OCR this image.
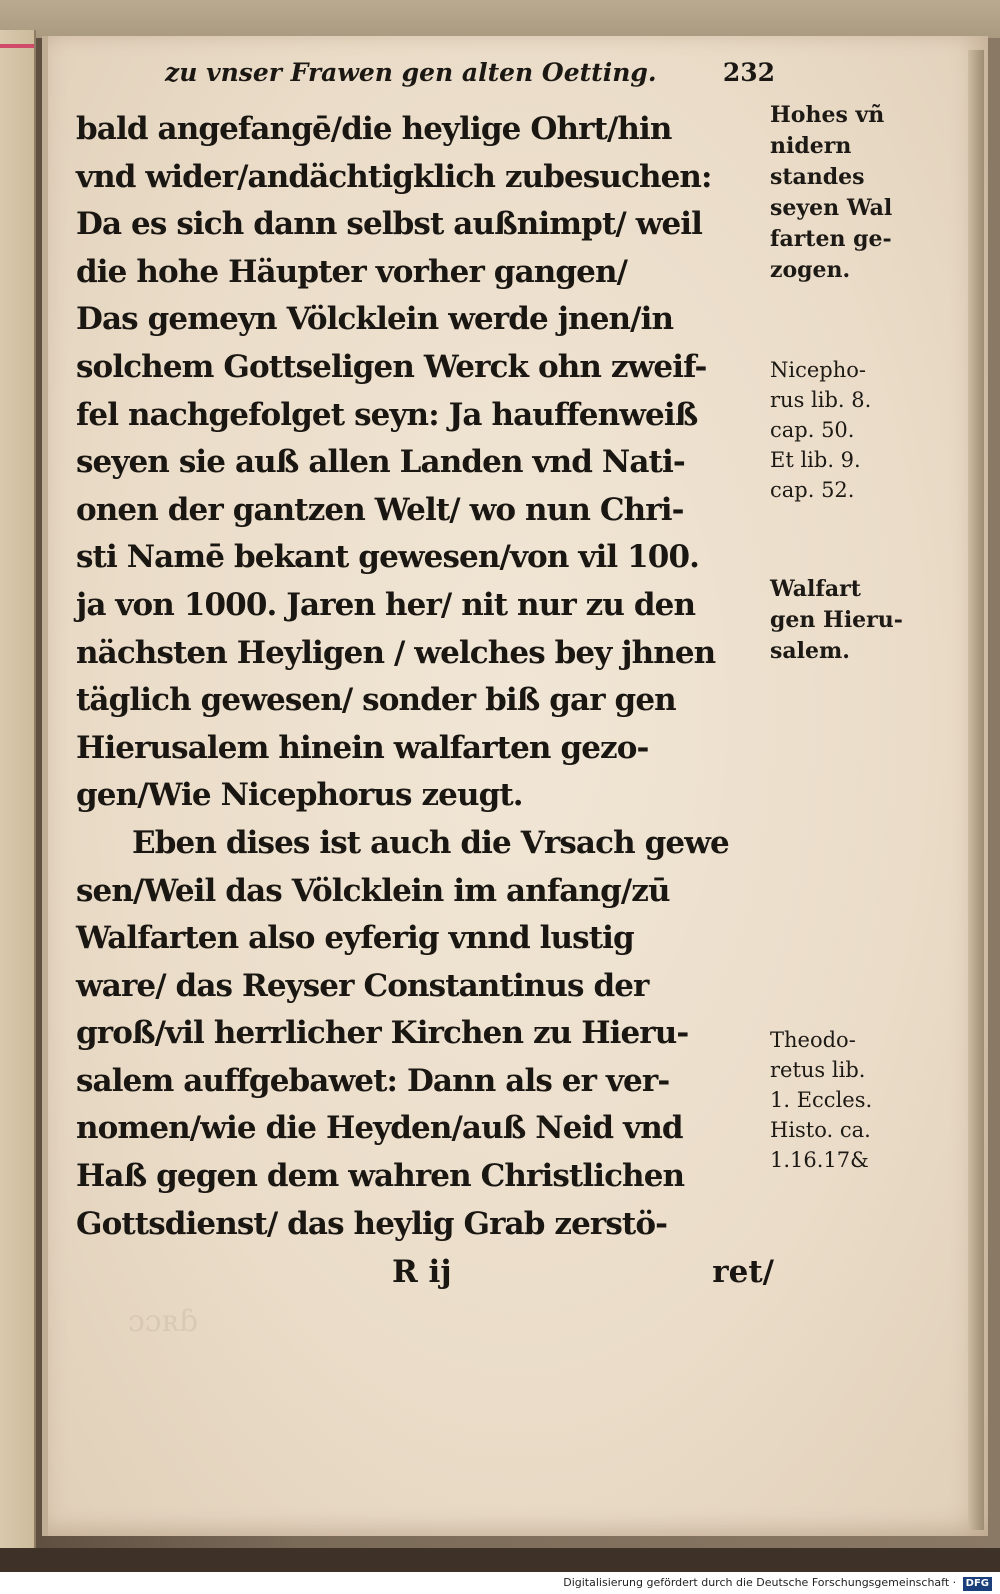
ɔɔʀɓ
zu vnser Frawen gen alten Oetting.	232
bald angefangē/die heylige Ohrt/hin
vnd wider/andächtigklich zubesuchen:
Da es sich dann selbst außnimpt/ weil
die hohe Häupter vorher gangen/
Das gemeyn Völcklein werde jnen/in
solchem Gottseligen Werck ohn zweif-
fel nachgefolget seyn: Ja hauffenweiß
seyen sie auß allen Landen vnd Nati-
onen der gantzen Welt/ wo nun Chri-
sti Namē bekant gewesen/von vil 100.
ja von 1000. Jaren her/ nit nur zu den
nächsten Heyligen / welches bey jhnen
täglich gewesen/ sonder biß gar gen
Hierusalem hinein walfarten gezo-
gen/Wie Nicephorus zeugt.
Eben dises ist auch die Vrsach gewe
sen/Weil das Völcklein im anfang/zū
Walfarten also eyferig vnnd lustig
ware/ das Reyser Constantinus der
groß/vil herrlicher Kirchen zu Hieru-
salem auffgebawet: Dann als er ver-
nomen/wie die Heyden/auß Neid vnd
Haß gegen dem wahren Christlichen
Gottsdienst/ das heylig Grab zerstö-
Hohes vñ
nidern
standes
seyen Wal
farten ge-
zogen.
Nicepho-
rus lib. 8.
cap. 50.
Et lib. 9.
cap. 52.
Walfart
gen Hieru-
salem.
Theodo-
retus lib.
1. Eccles.
Histo. ca.
1.16.17&
R ij	ret/
Digitalisierung gefördert durch die Deutsche Forschungsgemeinschaft · DFG
